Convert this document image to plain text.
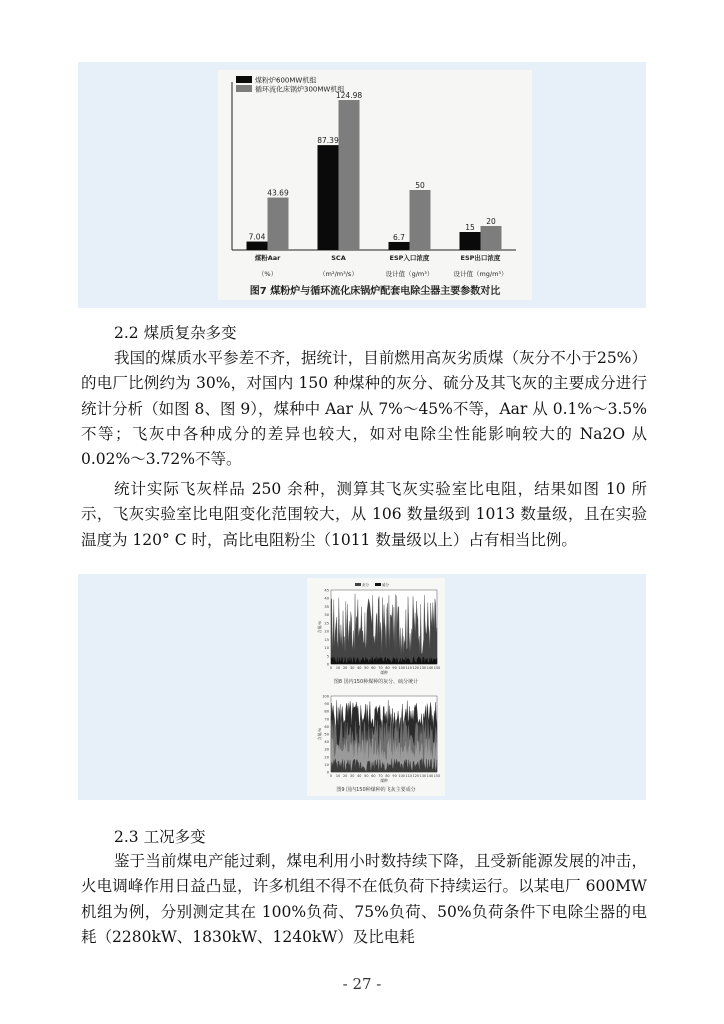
煤粉炉600MW机组
循环流化床锅炉300MW机组
7.04
43.69
煤粉Aar
（%）
87.39
124.98
SCA
（m²/m³/s）
6.7
50
ESP入口浓度
设计值（g/m³）
15
20
ESP出口浓度
设计值（mg/m³）
图7 煤粉炉与循环流化床锅炉配套电除尘器主要参数对比
2.2 煤质复杂多变

我国的煤质水平参差不齐，据统计，目前燃用高灰劣质煤（灰分不小于25%）的电厂比例约为 30%，对国内 150 种煤种的灰分、硫分及其飞灰的主要成分进行统计分析（如图 8、图 9），煤种中 Aar 从 7%～45%不等，Aar 从 0.1%～3.5%不等；飞灰中各种成分的差异也较大，如对电除尘性能影响较大的 Na2O 从 0.02%～3.72%不等。

统计实际飞灰样品 250 余种，测算其飞灰实验室比电阻，结果如图 10 所示，飞灰实验室比电阻变化范围较大，从 106 数量级到 1013 数量级，且在实验温度为 120° C 时，高比电阻粉尘（1011 数量级以上）占有相当比例。

0
5
10
15
20
25
30
35
40
45
0 10 20 30 40 50 60 70 80 90 100 110 120 130 140 150
煤种
含量/%
灰分	硫分
0
10
20
30
40
50
60
70
80
90
100
0 10 20 30 40 50 60 70 80 90 100 110 120 130 140 150
煤种
含量/%
图8 国内150种煤种的灰分、硫分统计
图9 国内150种煤种的飞灰主要成分
2.3 工况多变

鉴于当前煤电产能过剩，煤电利用小时数持续下降，且受新能源发展的冲击，火电调峰作用日益凸显，许多机组不得不在低负荷下持续运行。以某电厂 600MW 机组为例，分别测定其在 100%负荷、75%负荷、50%负荷条件下电除尘器的电耗（2280kW、1830kW、1240kW）及比电耗

- 27 -
